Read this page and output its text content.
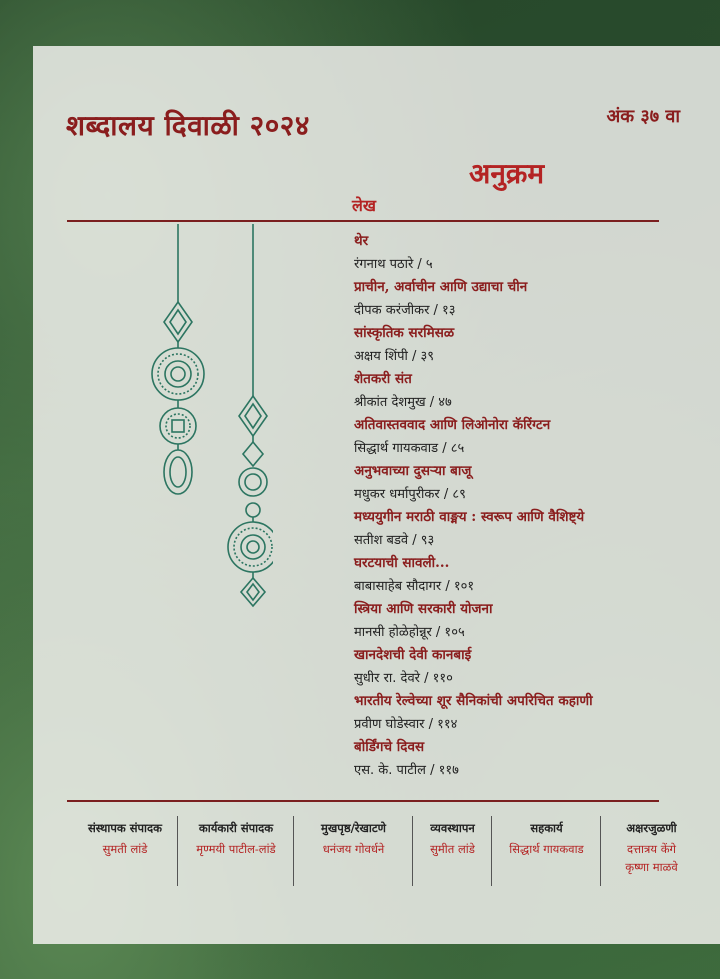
शब्दालय दिवाळी २०२४	अंक ३७ वा
अनुक्रम
लेख
थेर
रंगनाथ पठारे / ५
प्राचीन, अर्वाचीन आणि उद्याचा चीन
दीपक करंजीकर / १३
सांस्कृतिक सरमिसळ
अक्षय शिंपी / ३९
शेतकरी संत
श्रीकांत देशमुख / ४७
अतिवास्तववाद आणि लिओनोरा कॅरिंग्टन
सिद्धार्थ गायकवाड / ८५
अनुभवाच्या दुसऱ्या बाजू
मधुकर धर्मापुरीकर / ८९
मध्ययुगीन मराठी वाङ्मय : स्वरूप आणि वैशिष्ट्ये
सतीश बडवे / ९३
घरटयाची सावली...
बाबासाहेब सौदागर / १०१
स्त्रिया आणि सरकारी योजना
मानसी होळेहोन्नूर / १०५
खानदेशची देवी कानबाई
सुधीर रा. देवरे / ११०
भारतीय रेल्वेच्या शूर सैनिकांची अपरिचित कहाणी
प्रवीण घोडेस्वार / ११४
बोर्डिंगचे दिवस
एस. के. पाटील / ११७
संस्थापक संपादक
सुमती लांडे
कार्यकारी संपादक
मृण्मयी पाटील-लांडे
मुखपृष्ठ/रेखाटणे
धनंजय गोवर्धने
व्यवस्थापन
सुमीत लांडे
सहकार्य
सिद्धार्थ गायकवाड
अक्षरजुळणी
दत्तात्रय केंगे
कृष्णा माळवे
